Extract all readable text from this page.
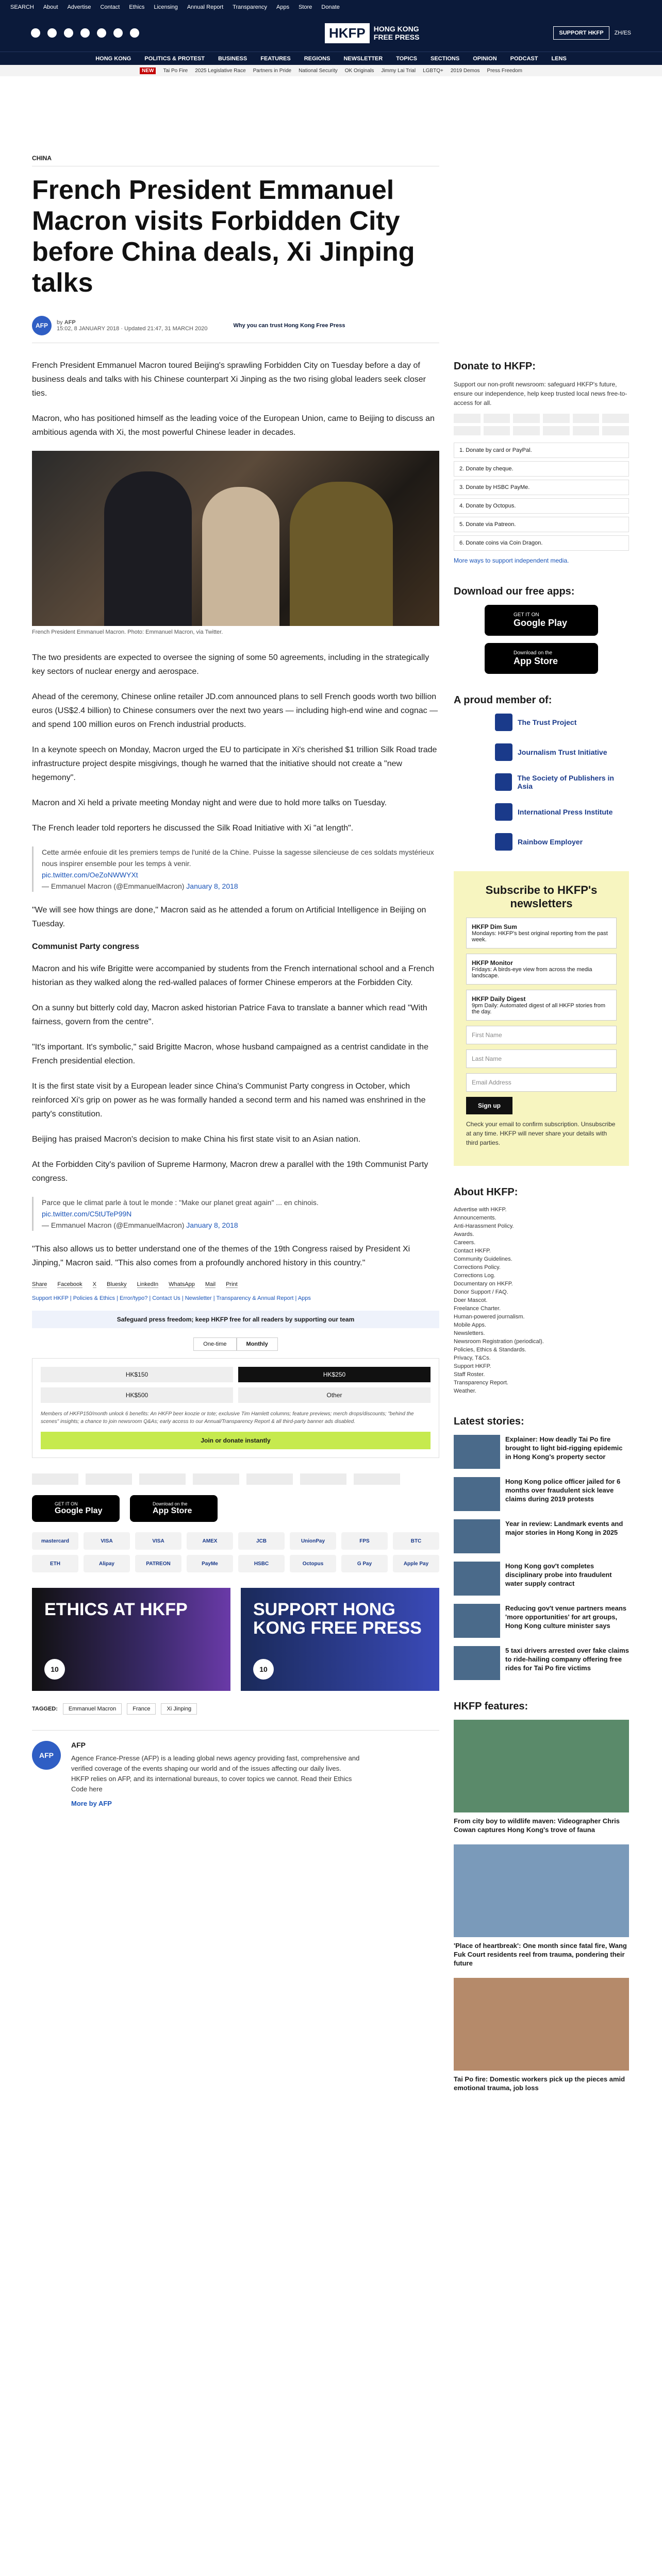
SEARCH About Advertise Contact Ethics Licensing Annual Report Transparency Apps Store Donate
HKFP	HONG KONG
FREE PRESS	SUPPORT HKFP	ZH/ES
HONG KONG POLITICS & PROTEST BUSINESS FEATURES REGIONS NEWSLETTER TOPICS SECTIONS OPINION PODCAST LENS
NEW	Tai Po Fire 2025 Legislative Race Partners in Pride National Security OK Originals Jimmy Lai Trial LGBTQ+ 2019 Demos Press Freedom
CHINA
French President Emmanuel Macron visits Forbidden City before China deals, Xi Jinping talks
AFP	by AFP
15:02, 8 JANUARY 2018 · Updated 21:47, 31 MARCH 2020	Why you can trust Hong Kong Free Press

French President Emmanuel Macron toured Beijing's sprawling Forbidden City on Tuesday before a day of business deals and talks with his Chinese counterpart Xi Jinping as the two rising global leaders seek closer ties.

Macron, who has positioned himself as the leading voice of the European Union, came to Beijing to discuss an ambitious agenda with Xi, the most powerful Chinese leader in decades.

French President Emmanuel Macron. Photo: Emmanuel Macron, via Twitter.

The two presidents are expected to oversee the signing of some 50 agreements, including in the strategically key sectors of nuclear energy and aerospace.

Ahead of the ceremony, Chinese online retailer JD.com announced plans to sell French goods worth two billion euros (US$2.4 billion) to Chinese consumers over the next two years — including high-end wine and cognac — and spend 100 million euros on French industrial products.

In a keynote speech on Monday, Macron urged the EU to participate in Xi's cherished $1 trillion Silk Road trade infrastructure project despite misgivings, though he warned that the initiative should not create a "new hegemony".

Macron and Xi held a private meeting Monday night and were due to hold more talks on Tuesday.

The French leader told reporters he discussed the Silk Road Initiative with Xi "at length".

Cette armée enfouie dit les premiers temps de l'unité de la Chine. Puisse la sagesse silencieuse de ces soldats mystérieux nous inspirer ensemble pour les temps à venir.
pic.twitter.com/OeZoNWWYXt
— Emmanuel Macron (@EmmanuelMacron) January 8, 2018

"We will see how things are done," Macron said as he attended a forum on Artificial Intelligence in Beijing on Tuesday.

Communist Party congress

Macron and his wife Brigitte were accompanied by students from the French international school and a French historian as they walked along the red-walled palaces of former Chinese emperors at the Forbidden City.

On a sunny but bitterly cold day, Macron asked historian Patrice Fava to translate a banner which read "With fairness, govern from the centre".

"It's important. It's symbolic," said Brigitte Macron, whose husband campaigned as a centrist candidate in the French presidential election.

It is the first state visit by a European leader since China's Communist Party congress in October, which reinforced Xi's grip on power as he was formally handed a second term and his named was enshrined in the party's constitution.

Beijing has praised Macron's decision to make China his first state visit to an Asian nation.

At the Forbidden City's pavilion of Supreme Harmony, Macron drew a parallel with the 19th Communist Party congress.

Parce que le climat parle à tout le monde : "Make our planet great again" ... en chinois.
pic.twitter.com/C5tUTeP99N
— Emmanuel Macron (@EmmanuelMacron) January 8, 2018

"This also allows us to better understand one of the themes of the 19th Congress raised by President Xi Jinping," Macron said. "This also comes from a profoundly anchored history in this country."

Share Facebook X Bluesky LinkedIn WhatsApp Mail Print
Support HKFP | Policies & Ethics | Error/typo? | Contact Us | Newsletter | Transparency & Annual Report | Apps
Safeguard press freedom; keep HKFP free for all readers by supporting our team
One-time	Monthly
HK$150	HK$250
HK$500	Other
Members of HKFP150/month unlock 6 benefits: An HKFP beer koozie or tote; exclusive Tim Hamlett columns; feature previews; merch drops/discounts; "behind the scenes" insights; a chance to join newsroom Q&As; early access to our Annual/Transparency Report & all third-party banner ads disabled.
Join or donate instantly
GET IT ON
Google Play
Download on the
App Store
mastercard	VISA	VISA	AMEX	JCB	UnionPay	FPS	BTC
ETH	Alipay	PATREON	PayMe	HSBC	Octopus	G Pay	Apple Pay
ETHICS AT HKFP
10
SUPPORT HONG KONG FREE PRESS
10
TAGGED:	Emmanuel Macron	France	Xi Jinping
AFP
AFP

Agence France-Presse (AFP) is a leading global news agency providing fast, comprehensive and verified coverage of the events shaping our world and of the issues affecting our daily lives. HKFP relies on AFP, and its international bureaus, to cover topics we cannot. Read their Ethics Code here

More by AFP

Donate to HKFP:

Support our non-profit newsroom: safeguard HKFP's future, ensure our independence, help keep trusted local news free-to-access for all.

1. Donate by card or PayPal.
2. Donate by cheque.
3. Donate by HSBC PayMe.
4. Donate by Octopus.
5. Donate via Patreon.
6. Donate coins via Coin Dragon.

More ways to support independent media.

Download our free apps:
GET IT ON
Google Play
Download on the
App Store
A proud member of:
The Trust Project
Journalism Trust Initiative
The Society of Publishers in Asia
International Press Institute
Rainbow Employer
Subscribe to HKFP's newsletters
HKFP Dim Sum
Mondays: HKFP's best original reporting from the past week.
HKFP Monitor
Fridays: A birds-eye view from across the media landscape.
HKFP Daily Digest
9pm Daily: Automated digest of all HKFP stories from the day.
First Name
Last Name
Email Address
Sign up

Check your email to confirm subscription. Unsubscribe at any time. HKFP will never share your details with third parties.

About HKFP:
Advertise with HKFP.
Announcements.
Anti-Harassment Policy.
Awards.
Careers.
Contact HKFP.
Community Guidelines.
Corrections Policy.
Corrections Log.
Documentary on HKFP.
Donor Support / FAQ.
Doer Mascot.
Freelance Charter.
Human-powered journalism.
Mobile Apps.
Newsletters.
Newsroom Registration (periodical).
Policies, Ethics & Standards.
Privacy, T&Cs.
Support HKFP.
Staff Roster.
Transparency Report.
Weather.
Latest stories:
Explainer: How deadly Tai Po fire brought to light bid-rigging epidemic in Hong Kong's property sector
Hong Kong police officer jailed for 6 months over fraudulent sick leave claims during 2019 protests
Year in review: Landmark events and major stories in Hong Kong in 2025
Hong Kong gov't completes disciplinary probe into fraudulent water supply contract
Reducing gov't venue partners means 'more opportunities' for art groups, Hong Kong culture minister says
5 taxi drivers arrested over fake claims to ride-hailing company offering free rides for Tai Po fire victims
HKFP features:
From city boy to wildlife maven: Videographer Chris Cowan captures Hong Kong's trove of fauna
'Place of heartbreak': One month since fatal fire, Wang Fuk Court residents reel from trauma, pondering their future
Tai Po fire: Domestic workers pick up the pieces amid emotional trauma, job loss
